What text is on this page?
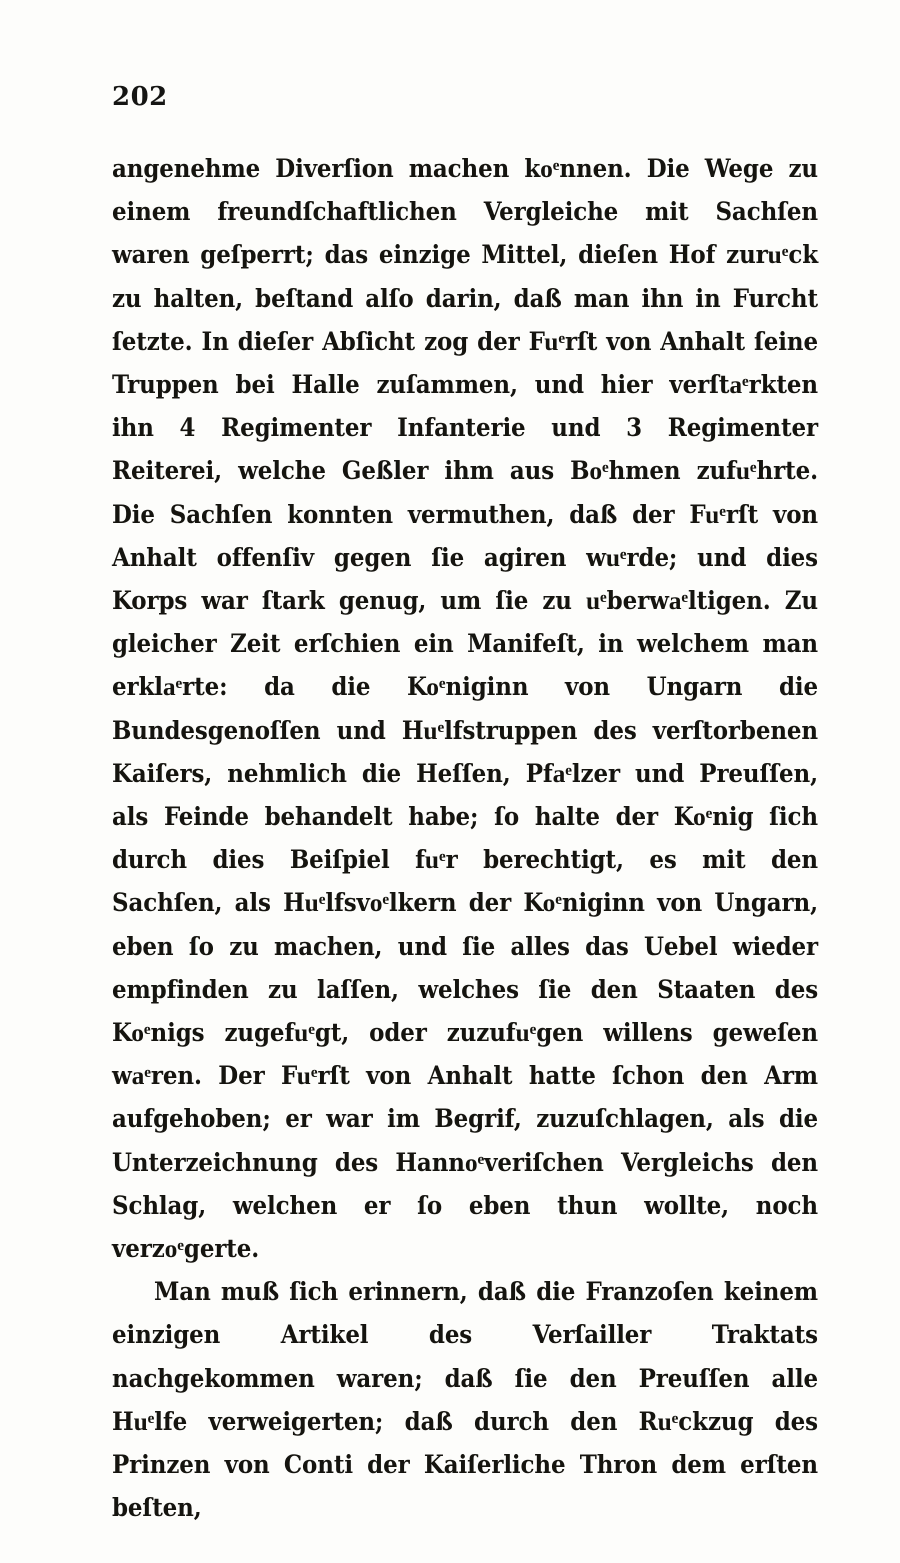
202

angenehme Diverſion machen koͤnnen. Die Wege zu einem freundſchaftlichen Vergleiche mit Sachſen waren geſperrt; das einzige Mittel, dieſen Hof zuruͤck zu halten, beſtand alſo darin, daß man ihn in Furcht ſetzte. In dieſer Abſicht zog der Fuͤrſt von Anhalt ſeine Truppen bei Halle zuſammen, und hier verſtaͤrkten ihn 4 Regimenter Infanterie und 3 Regimenter Reiterei, welche Geßler ihm aus Boͤhmen zufuͤhrte. Die Sachſen konnten vermuthen, daß der Fuͤrſt von Anhalt offenſiv gegen ſie agiren wuͤrde; und dies Korps war ſtark genug, um ſie zu uͤberwaͤltigen. Zu gleicher Zeit erſchien ein Manifeſt, in welchem man erklaͤrte: da die Koͤniginn von Ungarn die Bundesgenoſſen und Huͤlfstruppen des verſtorbenen Kaiſers, nehmlich die Heſſen, Pfaͤlzer und Preuſſen, als Feinde behandelt habe; ſo halte der Koͤnig ſich durch dies Beiſpiel fuͤr berechtigt, es mit den Sachſen, als Huͤlfsvoͤlkern der Koͤniginn von Ungarn, eben ſo zu machen, und ſie alles das Uebel wieder empfinden zu laſſen, welches ſie den Staaten des Koͤnigs zugefuͤgt, oder zuzufuͤgen willens geweſen waͤren. Der Fuͤrſt von Anhalt hatte ſchon den Arm aufgehoben; er war im Begrif, zuzuſchlagen, als die Unterzeichnung des Hannoͤveriſchen Vergleichs den Schlag, welchen er ſo eben thun wollte, noch verzoͤgerte.

Man muß ſich erinnern, daß die Franzoſen keinem einzigen Artikel des Verſailler Traktats nachgekommen waren; daß ſie den Preuſſen alle Huͤlfe verweigerten; daß durch den Ruͤckzug des Prinzen von Conti der Kaiſerliche Thron dem erſten beſten,
